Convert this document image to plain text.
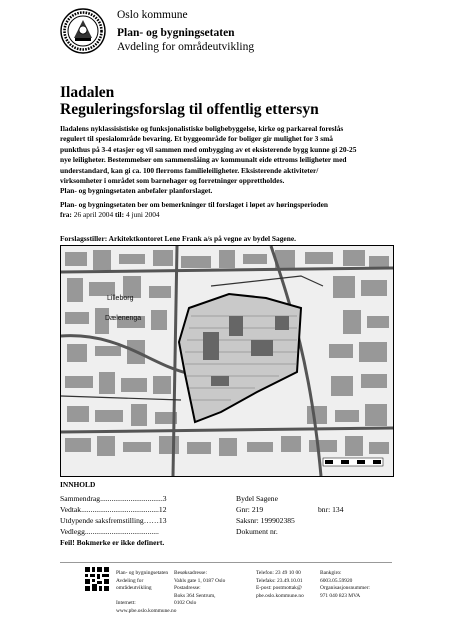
Oslo kommune
Plan- og bygningsetaten
Avdeling for områdeutvikling
Iladalen
Reguleringsforslag til offentlig ettersyn
Iladalens nyklassisistiske og funksjonalistiske boligbebyggelse, kirke og parkareal foreslås
regulert til spesialområde bevaring. Et byggeområde for boliger gir mulighet for 3 små
punkthus på 3-4 etasjer og vil sammen med ombygging av et eksisterende bygg kunne gi 20-25
nye leiligheter. Bestemmelser om sammenslåing av kommunalt eide ettroms leiligheter med
understandard, kan gi ca. 100 flerroms familieleiligheter. Eksisterende aktiviteter/
virksomheter i området som barnehager og forretninger opprettholdes.
Plan- og bygningsetaten anbefaler planforslaget.
Plan- og bygningsetaten ber om bemerkninger til forslaget i løpet av høringsperioden
fra: 26 april 2004 til: 4 juni 2004
Forslagsstiller: Arkitektkontoret Lene Frank a/s på vegne av bydel Sagene.
Lilleborg
Dælenenga
INNHOLD
Sammendrag.................................3
Vedtak.........................................12
Utdypende saksfremstilling……13
Vedlegg.......................................
Feil! Bokmerke er ikke definert.
Bydel Sagene
Gnr: 219	bnr: 134
Saksnr: 199902385
Dokument nr.
Plan- og bygningsetaten
Avdeling for
områdeutvikling

Internett:
www.pbe.oslo.kommune.no
Besøksadresse:
Vahls gate 1, 0187 Oslo
Postadresse:
Boks 364 Sentrum,
0102 Oslo
Telefon: 23 49 10 00
Telefaks: 23.49.10.01
E-post: postmottak@
pbe.oslo.kommune.no
Bankgiro:
6003.05.59920
Organisasjonsnummer:
971 040 823 MVA
